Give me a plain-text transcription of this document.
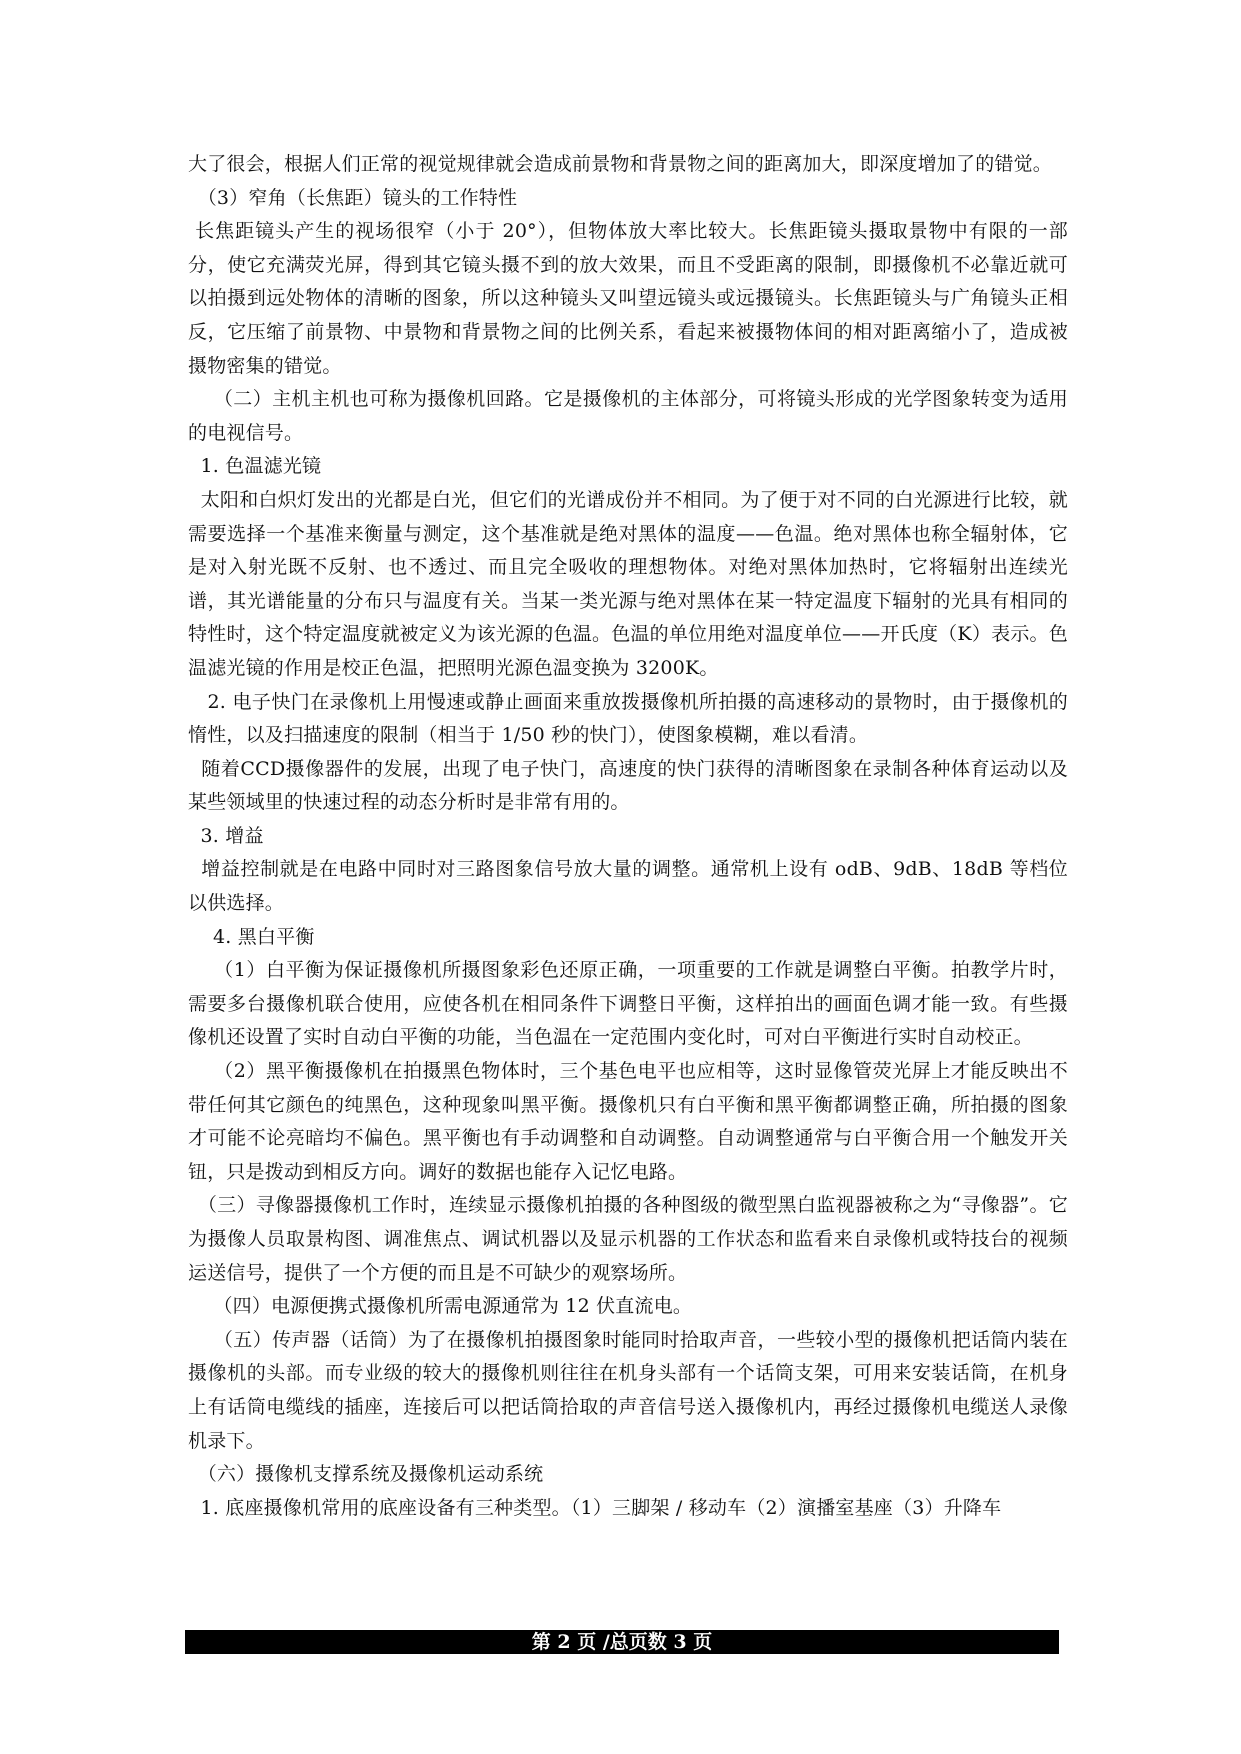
大了很会，根据人们正常的视觉规律就会造成前景物和背景物之间的距离加大，即深度增加了的错觉。

　（3）窄角（长焦距）镜头的工作特性

长焦距镜头产生的视场很窄（小于 20°），但物体放大率比较大。长焦距镜头摄取景物中有限的一部分，使它充满荧光屏，得到其它镜头摄不到的放大效果，而且不受距离的限制，即摄像机不必靠近就可以拍摄到远处物体的清晰的图象，所以这种镜头又叫望远镜头或远摄镜头。长焦距镜头与广角镜头正相反，它压缩了前景物、中景物和背景物之间的比例关系，看起来被摄物体间的相对距离缩小了，造成被摄物密集的错觉。

　 （二）主机主机也可称为摄像机回路。它是摄像机的主体部分，可将镜头形成的光学图象转变为适用的电视信号。

1. 色温滤光镜

太阳和白炽灯发出的光都是白光，但它们的光谱成份并不相同。为了便于对不同的白光源进行比较，就需要选择一个基准来衡量与测定，这个基准就是绝对黑体的温度——色温。绝对黑体也称全辐射体，它是对入射光既不反射、也不透过、而且完全吸收的理想物体。对绝对黑体加热时，它将辐射出连续光谱，其光谱能量的分布只与温度有关。当某一类光源与绝对黑体在某一特定温度下辐射的光具有相同的特性时，这个特定温度就被定义为该光源的色温。色温的单位用绝对温度单位——开氏度（K）表示。色温滤光镜的作用是校正色温，把照明光源色温变换为 3200K。

2. 电子快门在录像机上用慢速或静止画面来重放拨摄像机所拍摄的高速移动的景物时，由于摄像机的惰性，以及扫描速度的限制（相当于 1/50 秒的快门），使图象模糊，难以看清。

随着CCD摄像器件的发展，出现了电子快门，高速度的快门获得的清晰图象在录制各种体育运动以及某些领域里的快速过程的动态分析时是非常有用的。

3. 增益

增益控制就是在电路中同时对三路图象信号放大量的调整。通常机上设有 odB、9dB、18dB 等档位以供选择。

4. 黑白平衡

　 （1）白平衡为保证摄像机所摄图象彩色还原正确，一项重要的工作就是调整白平衡。拍教学片时，需要多台摄像机联合使用，应使各机在相同条件下调整日平衡，这样拍出的画面色调才能一致。有些摄像机还设置了实时自动白平衡的功能，当色温在一定范围内变化时，可对白平衡进行实时自动校正。

　 （2）黑平衡摄像机在拍摄黑色物体时，三个基色电平也应相等，这时显像管荧光屏上才能反映出不带任何其它颜色的纯黑色，这种现象叫黑平衡。摄像机只有白平衡和黑平衡都调整正确，所拍摄的图象才可能不论亮暗均不偏色。黑平衡也有手动调整和自动调整。自动调整通常与白平衡合用一个触发开关钮，只是拨动到相反方向。调好的数据也能存入记忆电路。

　（三）寻像器摄像机工作时，连续显示摄像机拍摄的各种图级的微型黑白监视器被称之为“寻像器”。它为摄像人员取景构图、调准焦点、调试机器以及显示机器的工作状态和监看来自录像机或特技台的视频运送信号，提供了一个方便的而且是不可缺少的观察场所。

　 （四）电源便携式摄像机所需电源通常为 12 伏直流电。

　 （五）传声器（话筒）为了在摄像机拍摄图象时能同时拾取声音，一些较小型的摄像机把话筒内装在摄像机的头部。而专业级的较大的摄像机则往往在机身头部有一个话筒支架，可用来安装话筒，在机身上有话筒电缆线的插座，连接后可以把话筒拾取的声音信号送入摄像机内，再经过摄像机电缆送人录像机录下。

　（六）摄像机支撑系统及摄像机运动系统

1. 底座摄像机常用的底座设备有三种类型。（1）三脚架 / 移动车（2）演播室基座（3）升降车

第 2 页 /总页数 3 页
